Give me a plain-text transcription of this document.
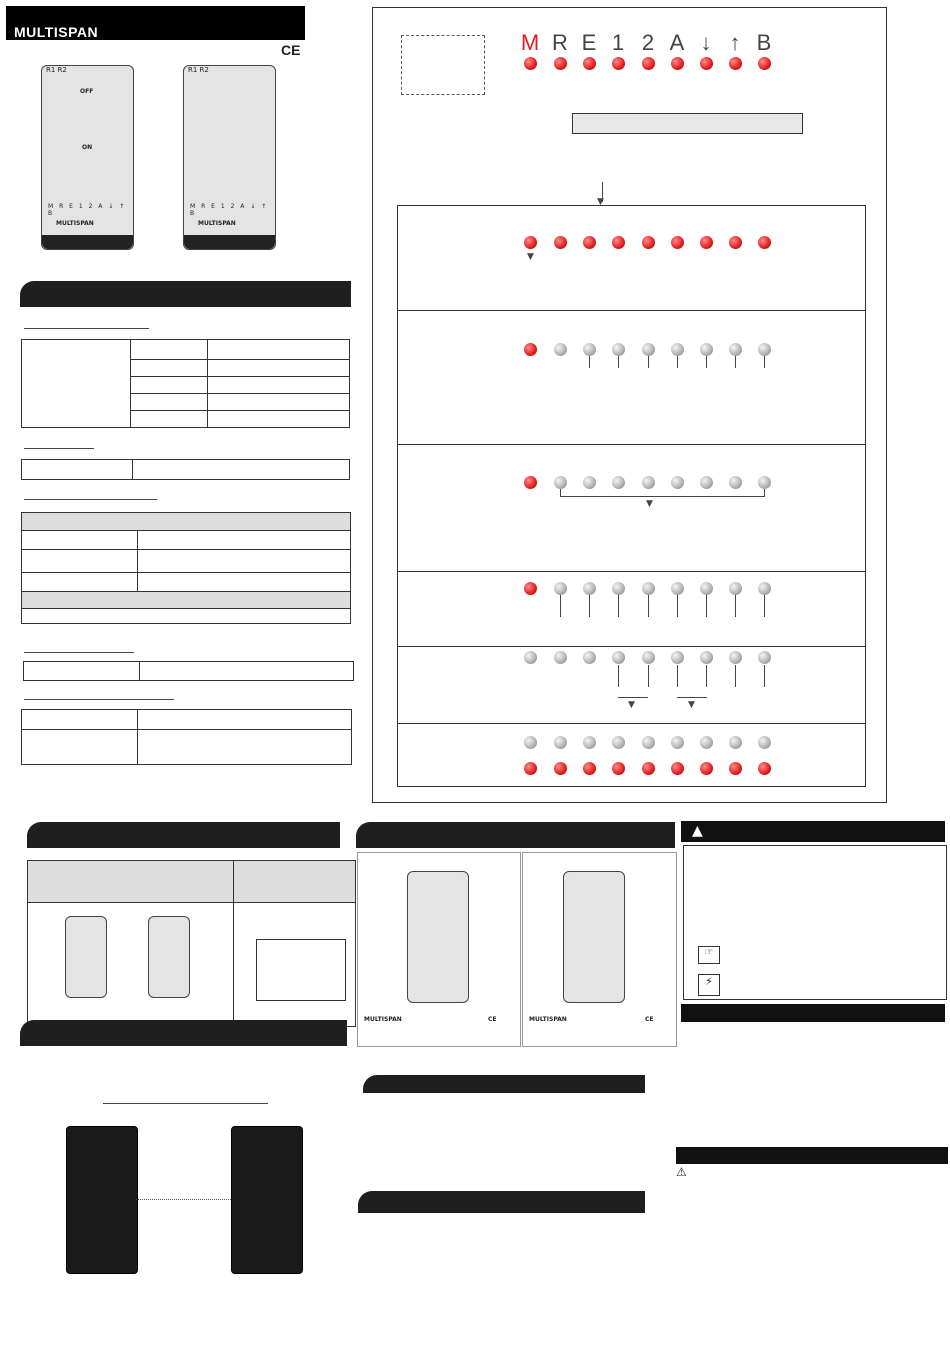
MULTISPAN
CE
R1 R2
OFF
ON
M R E 1 2 A ↓ ↑ B
MULTISPAN
R1 R2
M R E 1 2 A ↓ ↑ B
MULTISPAN

▼
M R E 1 2 A ↓ ↑ B
▼
▼	▼
▼
MULTISPAN	CE	MULTISPAN	CE
▲
☞
⚡
⚠
